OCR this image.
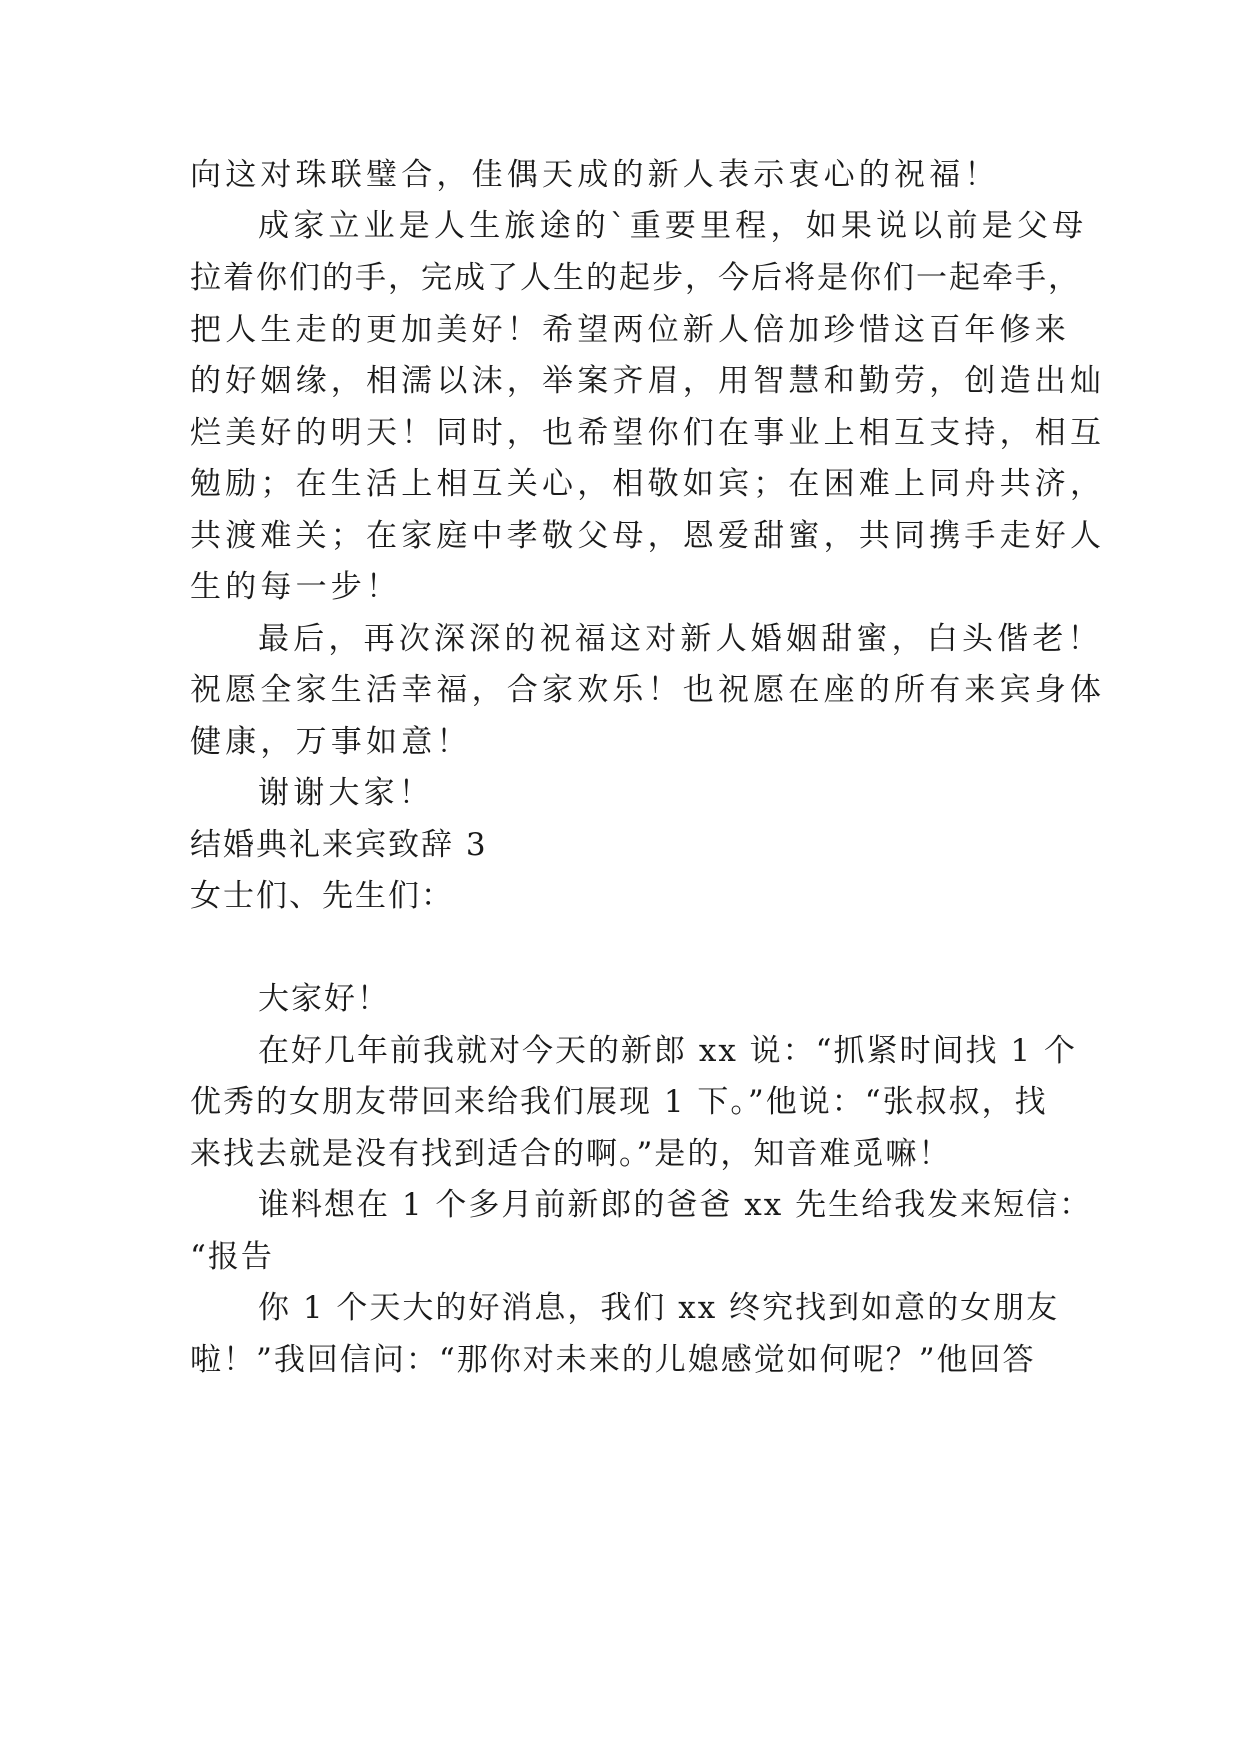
向这对珠联璧合，佳偶天成的新人表示衷心的祝福！
成家立业是人生旅途的`重要里程，如果说以前是父母
拉着你们的手，完成了人生的起步，今后将是你们一起牵手，
把人生走的更加美好！希望两位新人倍加珍惜这百年修来
的好姻缘，相濡以沫，举案齐眉，用智慧和勤劳，创造出灿
烂美好的明天！同时，也希望你们在事业上相互支持，相互
勉励；在生活上相互关心，相敬如宾；在困难上同舟共济，
共渡难关；在家庭中孝敬父母，恩爱甜蜜，共同携手走好人
生的每一步！
最后，再次深深的祝福这对新人婚姻甜蜜，白头偕老！
祝愿全家生活幸福，合家欢乐！也祝愿在座的所有来宾身体
健康，万事如意！
谢谢大家！
结婚典礼来宾致辞 3
女士们、先生们：
大家好！
在好几年前我就对今天的新郎 xx 说：“抓紧时间找 1 个
优秀的女朋友带回来给我们展现 1 下。”他说：“张叔叔，找
来找去就是没有找到适合的啊。”是的，知音难觅嘛！
谁料想在 1 个多月前新郎的爸爸 xx 先生给我发来短信：
“报告
你 1 个天大的好消息，我们 xx 终究找到如意的女朋友
啦！”我回信问：“那你对未来的儿媳感觉如何呢？”他回答
